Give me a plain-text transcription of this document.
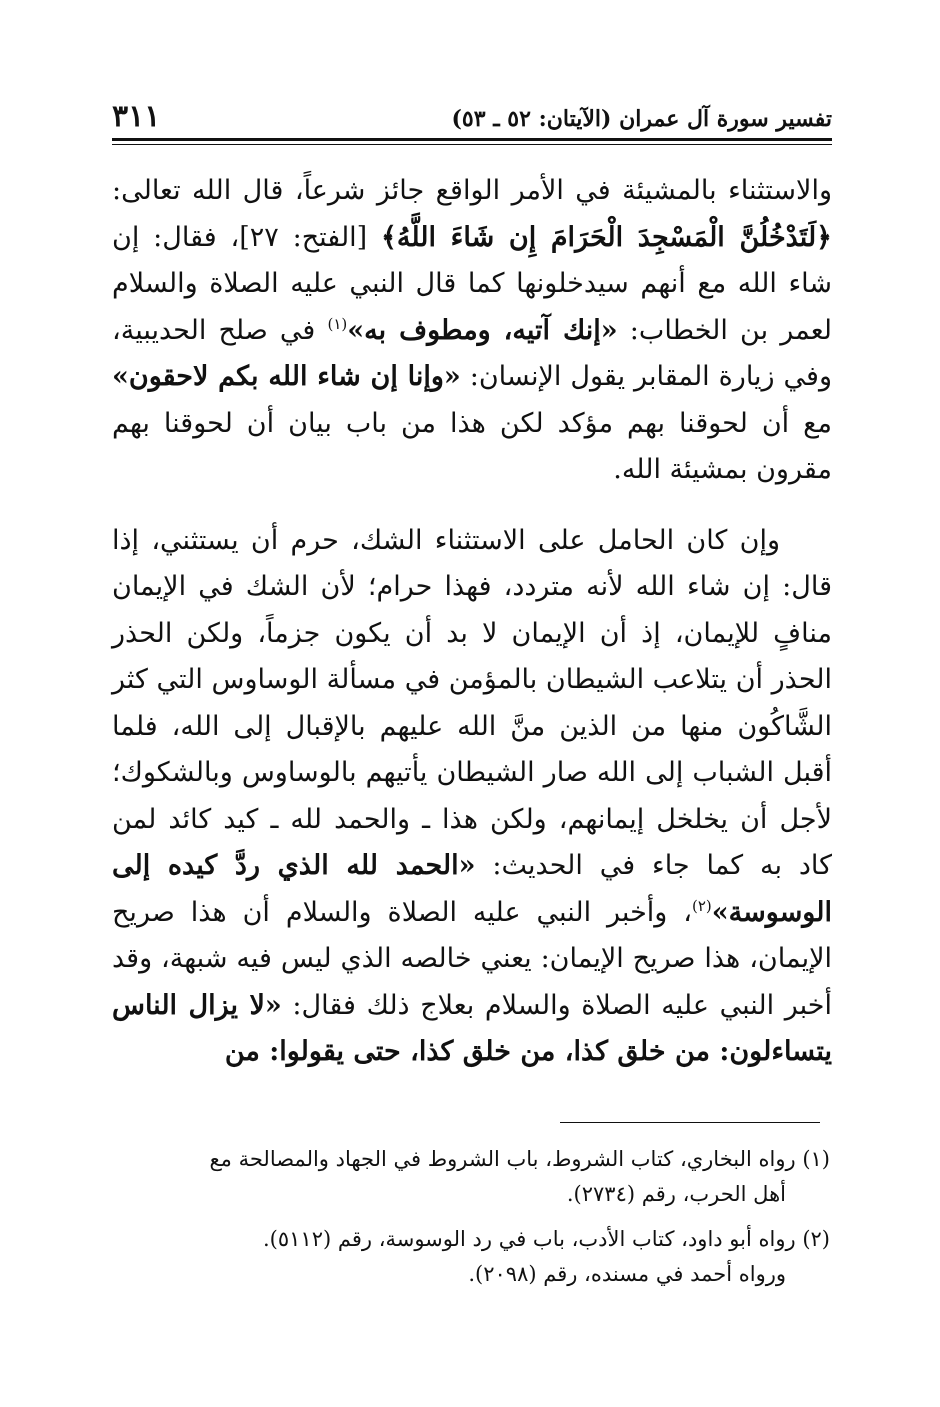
تفسير سورة آل عمران (الآيتان: ٥٢ ـ ٥٣)
٣١١

والاستثناء بالمشيئة في الأمر الواقع جائز شرعاً، قال الله تعالى: ﴿لَتَدْخُلُنَّ الْمَسْجِدَ الْحَرَامَ إِن شَاءَ اللَّهُ﴾ [الفتح: ٢٧]، فقال: إن شاء الله مع أنهم سيدخلونها كما قال النبي عليه الصلاة والسلام لعمر بن الخطاب: «إنك آتيه، ومطوف به»$^{(١)}$ في صلح الحديبية، وفي زيارة المقابر يقول الإنسان: «وإنا إن شاء الله بكم لاحقون» مع أن لحوقنا بهم مؤكد لكن هذا من باب بيان أن لحوقنا بهم مقرون بمشيئة الله.

وإن كان الحامل على الاستثناء الشك، حرم أن يستثني، إذا قال: إن شاء الله لأنه متردد، فهذا حرام؛ لأن الشك في الإيمان منافٍ للإيمان، إذ أن الإيمان لا بد أن يكون جزماً، ولكن الحذر الحذر أن يتلاعب الشيطان بالمؤمن في مسألة الوساوس التي كثر الشَّاكُون منها من الذين منَّ الله عليهم بالإقبال إلى الله، فلما أقبل الشباب إلى الله صار الشيطان يأتيهم بالوساوس وبالشكوك؛ لأجل أن يخلخل إيمانهم، ولكن هذا ـ والحمد لله ـ كيد كائد لمن كاد به كما جاء في الحديث: «الحمد لله الذي ردَّ كيده إلى الوسوسة»$^{(٢)}$، وأخبر النبي عليه الصلاة والسلام أن هذا صريح الإيمان، هذا صريح الإيمان: يعني خالصه الذي ليس فيه شبهة، وقد أخبر النبي عليه الصلاة والسلام بعلاج ذلك فقال: «لا يزال الناس يتساءلون: من خلق كذا، من خلق كذا، حتى يقولوا: من

(١) رواه البخاري، كتاب الشروط، باب الشروط في الجهاد والمصالحة مع
أهل الحرب، رقم (٢٧٣٤).
(٢) رواه أبو داود، كتاب الأدب، باب في رد الوسوسة، رقم (٥١١٢).
ورواه أحمد في مسنده، رقم (٢٠٩٨).
